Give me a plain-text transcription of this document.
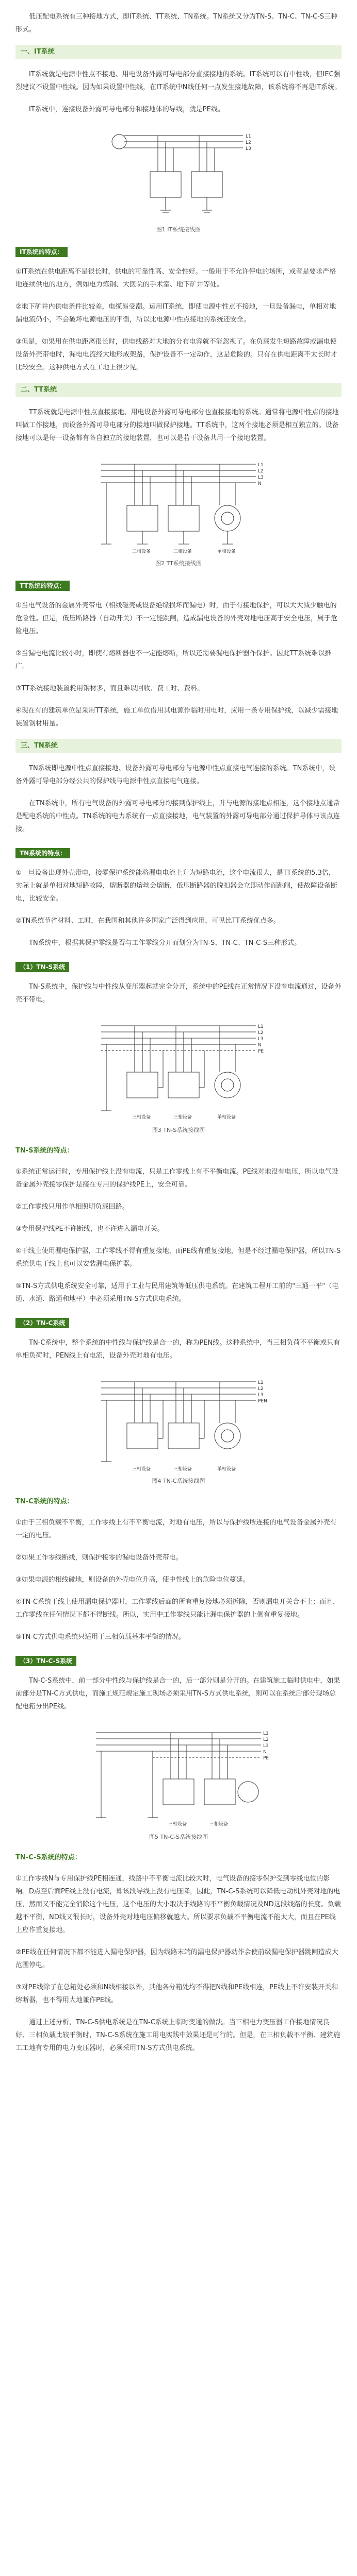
低压配电系统有三种接地方式，即IT系统、TT系统、TN系统。TN系统又分为TN-S、TN-C、TN-C-S三种形式。

一、IT系统

IT系统就是电源中性点不接地、用电设备外露可导电部分直接接地的系统。IT系统可以有中性线，但IEC强烈建议不设置中性线。因为如果设置中性线，在IT系统中N线任何一点发生接地故障，该系统将不再是IT系统。

IT系统中，连接设备外露可导电部分和接地体的导线，就是PE线。

L1
L2
L3
图1 IT系统接线图
IT系统的特点：

①IT系统在供电距离不是很长时，供电的可靠性高、安全性好。一般用于不允许停电的场所，或者是要求严格地连续供电的地方，例如电力炼钢、大医院的手术室、地下矿井等处。

②地下矿井内供电条件比较差，电缆易受潮。运用IT系统，即使电源中性点不接地，一旦设备漏电，单相对地漏电流仍小，不会破坏电源电压的平衡，所以比电源中性点接地的系统还安全。

③但是，如果用在供电距离很长时，供电线路对大地的分布电容就不能忽视了。在负载发生短路故障或漏电使设备外壳带电时，漏电电流经大地形成架路，保护设备不一定动作，这是危险的。只有在供电距离不太长时才比较安全。这种供电方式在工地上很少见。

二、TT系统

TT系统就是电源中性点直接接地、用电设备外露可导电部分也直接接地的系统。通常将电源中性点的接地叫做工作接地，而设备外露可导电部分的接地叫做保护接地。TT系统中，这两个接地必须是相互独立的。设备接地可以是每一设备都有各自独立的接地装置，也可以是若干设备共用一个接地装置。

L1
L2
L3
N
三相设备	三相设备	单相设备
图2 TT系统接线图
TT系统的特点：

①当电气设备的金属外壳带电（相线碰壳或设备绝缘损坏而漏电）时，由于有接地保护，可以大大减少触电的危险性。但是，低压断路器（自动开关）不一定能跳闸，造成漏电设备的外壳对地电压高于安全电压，属于危险电压。

②当漏电电流比较小时，即使有熔断器也不一定能熔断，所以还需要漏电保护器作保护。因此TT系统难以推广。

③TT系统接地装置耗用钢材多，而且难以回收、费工时、费料。

④现在有的建筑单位是采用TT系统，施工单位借用其电源作临时用电时，应用一条专用保护线，以减少需接地装置钢材用量。

三、TN系统

TN系统即电源中性点直接接地、设备外露可导电部分与电源中性点直接电气连接的系统。TN系统中，设备外露可导电部分经公共的保护线与电源中性点直接电气连接。

在TN系统中，所有电气设备的外露可导电部分均接到保护线上，并与电源的接地点相连，这个接地点通常是配电系统的中性点。TN系统的电力系统有一点直接接地，电气装置的外露可导电部分通过保护导体与该点连接。

TN系统的特点：

①一旦设备出现外壳带电，接零保护系统能将漏电电流上升为短路电流，这个电流很大，是TT系统的5.3倍，实际上就是单相对地短路故障，熔断器的熔丝会熔断，低压断路器的脱扣器会立即动作而跳闸，使故障设备断电，比较安全。

②TN系统节省材料、工时，在我国和其他许多国家广泛得到应用，可见比TT系统优点多。

TN系统中，根据其保护零线是否与工作零线分开而划分为TN-S、TN-C、TN-C-S三种形式。

（1）TN-S系统

TN-S系统中，保护线与中性线从变压器起就完全分开，系统中的PE线在正常情况下没有电流通过，设备外壳不带电。

L1
L2
L3
N
PE
三相设备	三相设备	单相设备
图3 TN-S系统接线图
TN-S系统的特点：

①系统正常运行时，专用保护线上没有电流，只是工作零线上有不平衡电流。PE线对地没有电压，所以电气设备金属外壳接零保护是接在专用的保护线PE上，安全可靠。

②工作零线只用作单相照明负载回路。

③专用保护线PE不许断线，也不许进入漏电开关。

④干线上使用漏电保护器，工作零线不得有重复接地，而PE线有重复接地，但是不经过漏电保护器，所以TN-S系统供电干线上也可以安装漏电保护器。

⑤TN-S方式供电系统安全可靠，适用于工业与民用建筑等低压供电系统。在建筑工程开工前的"三通一平"（电通、水通、路通和地平）中必须采用TN-S方式供电系统。

（2）TN-C系统

TN-C系统中，整个系统的中性线与保护线是合一的，称为PEN线。这种系统中，当三相负荷不平衡或只有单相负荷时，PEN线上有电流，设备外壳对地有电压。

L1
L2
L3
PEN
三相设备	三相设备	单相设备
图4 TN-C系统接线图
TN-C系统的特点：

①由于三相负载不平衡，工作零线上有不平衡电流，对地有电压，所以与保护线所连接的电气设备金属外壳有一定的电压。

②如果工作零线断线，则保护接零的漏电设备外壳带电。

③如果电源的相线碰地，则设备的外壳电位升高，使中性线上的危险电位蔓延。

④TN-C系统干线上使用漏电保护器时，工作零线后面的所有重复接地必须拆除，否则漏电开关合不上；而且，工作零线在任何情况下都不得断线。所以，实用中工作零线只能让漏电保护器的上侧有重复接地。

⑤TN-C方式供电系统只适用于三相负载基本平衡的情况。

（3）TN-C-S系统

TN-C-S系统中，前一部分中性线与保护线是合一的，后一部分则是分开的。在建筑施工临时供电中，如果前部分是TN-C方式供电，而施工规范规定施工现场必须采用TN-S方式供电系统，则可以在系统后部分现场总配电箱分出PE线。

L1
L2
L3
N
PE
三相设备	三相设备
图5 TN-C-S系统接线图
TN-C-S系统的特点：

①工作零线N与专用保护线PE相连通，线路中不平衡电流比较大时，电气设备的接零保护受到零线电位的影响。D点至后面PE线上没有电流，即该段导线上没有电压降，因此，TN-C-S系统可以降低电动机外壳对地的电压，然而又不能完全消除这个电压，这个电压的大小取决于线路的不平衡负载情况及ND这段线路的长度。负载越不平衡，ND线又很长时，设备外壳对地电压偏移就越大。所以要求负载不平衡电流不能太大，而且在PE线上应作重复接地。

②PE线在任何情况下都不能进入漏电保护器，因为线路末端的漏电保护器动作会使前级漏电保护器跳闸造成大范围停电。

③对PE线除了在总箱处必须和N线相接以外，其他各分箱处均不得把N线和PE线相连，PE线上不许安装开关和熔断器，也不得用大地兼作PE线。

通过上述分析，TN-C-S供电系统是在TN-C系统上临时变通的做法。当三相电力变压器工作接地情况良好、三相负载比较平衡时，TN-C-S系统在施工用电实践中效果还是可行的。但是，在三相负载不平衡、建筑施工工地有专用的电力变压器时，必须采用TN-S方式供电系统。
